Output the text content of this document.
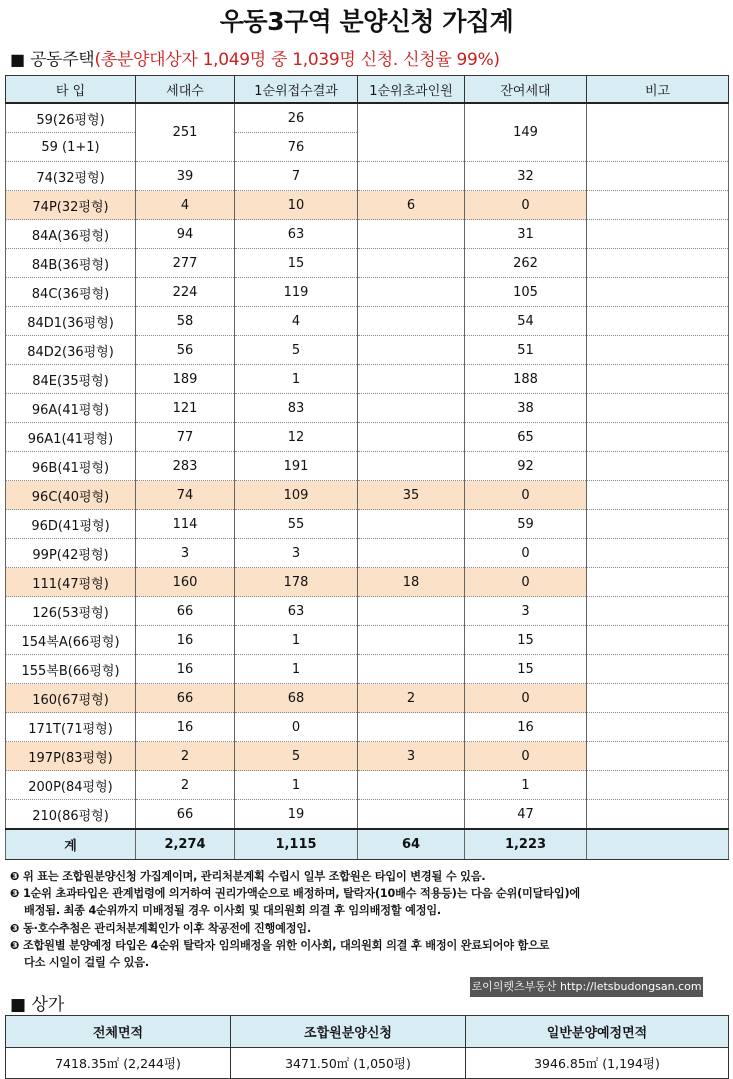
우동3구역 분양신청 가집계
■ 공동주택(총분양대상자 1,049명 중 1,039명 신청. 신청율 99%)
타 입	세대수	1순위접수결과	1순위초과인원	잔여세대	비고
59(26평형)	251	26		149	
59 (1+1)		76			
74(32평형)	39	7		32	
74P(32평형)	4	10	6	0	
84A(36평형)	94	63		31	
84B(36평형)	277	15		262	
84C(36평형)	224	119		105	
84D1(36평형)	58	4		54	
84D2(36평형)	56	5		51	
84E(35평형)	189	1		188	
96A(41평형)	121	83		38	
96A1(41평형)	77	12		65	
96B(41평형)	283	191		92	
96C(40평형)	74	109	35	0	
96D(41평형)	114	55		59	
99P(42평형)	3	3		0	
111(47평형)	160	178	18	0	
126(53평형)	66	63		3	
154복A(66평형)	16	1		15	
155복B(66평형)	16	1		15	
160(67평형)	66	68	2	0	
171T(71평형)	16	0		16	
197P(83평형)	2	5	3	0	
200P(84평형)	2	1		1	
210(86평형)	66	19		47	
계	2,274	1,115	64	1,223	

❸ 위 표는 조합원분양신청 가집계이며, 관리처분계획 수립시 일부 조합원은 타입이 변경될 수 있음.

❸ 1순위 초과타입은 관계법령에 의거하여 권리가액순으로 배정하며, 탈락자(10배수 적용등)는 다음 순위(미달타입)에

배정됨. 최종 4순위까지 미배정될 경우 이사회 및 대의원회 의결 후 임의배정할 예정임.

❸ 동·호수추첨은 관리처분계획인가 이후 착공전에 진행예정임.

❸ 조합원별 분양예정 타입은 4순위 탈락자 임의배정을 위한 이사회, 대의원회 의결 후 배정이 완료되어야 함으로

다소 시일이 걸릴 수 있음.

로이의렛츠부동산 http://letsbudongsan.com
■ 상가
전체면적	조합원분양신청	일반분양예정면적
7418.35㎡ (2,244평)	3471.50㎡ (1,050평)	3946.85㎡ (1,194평)
